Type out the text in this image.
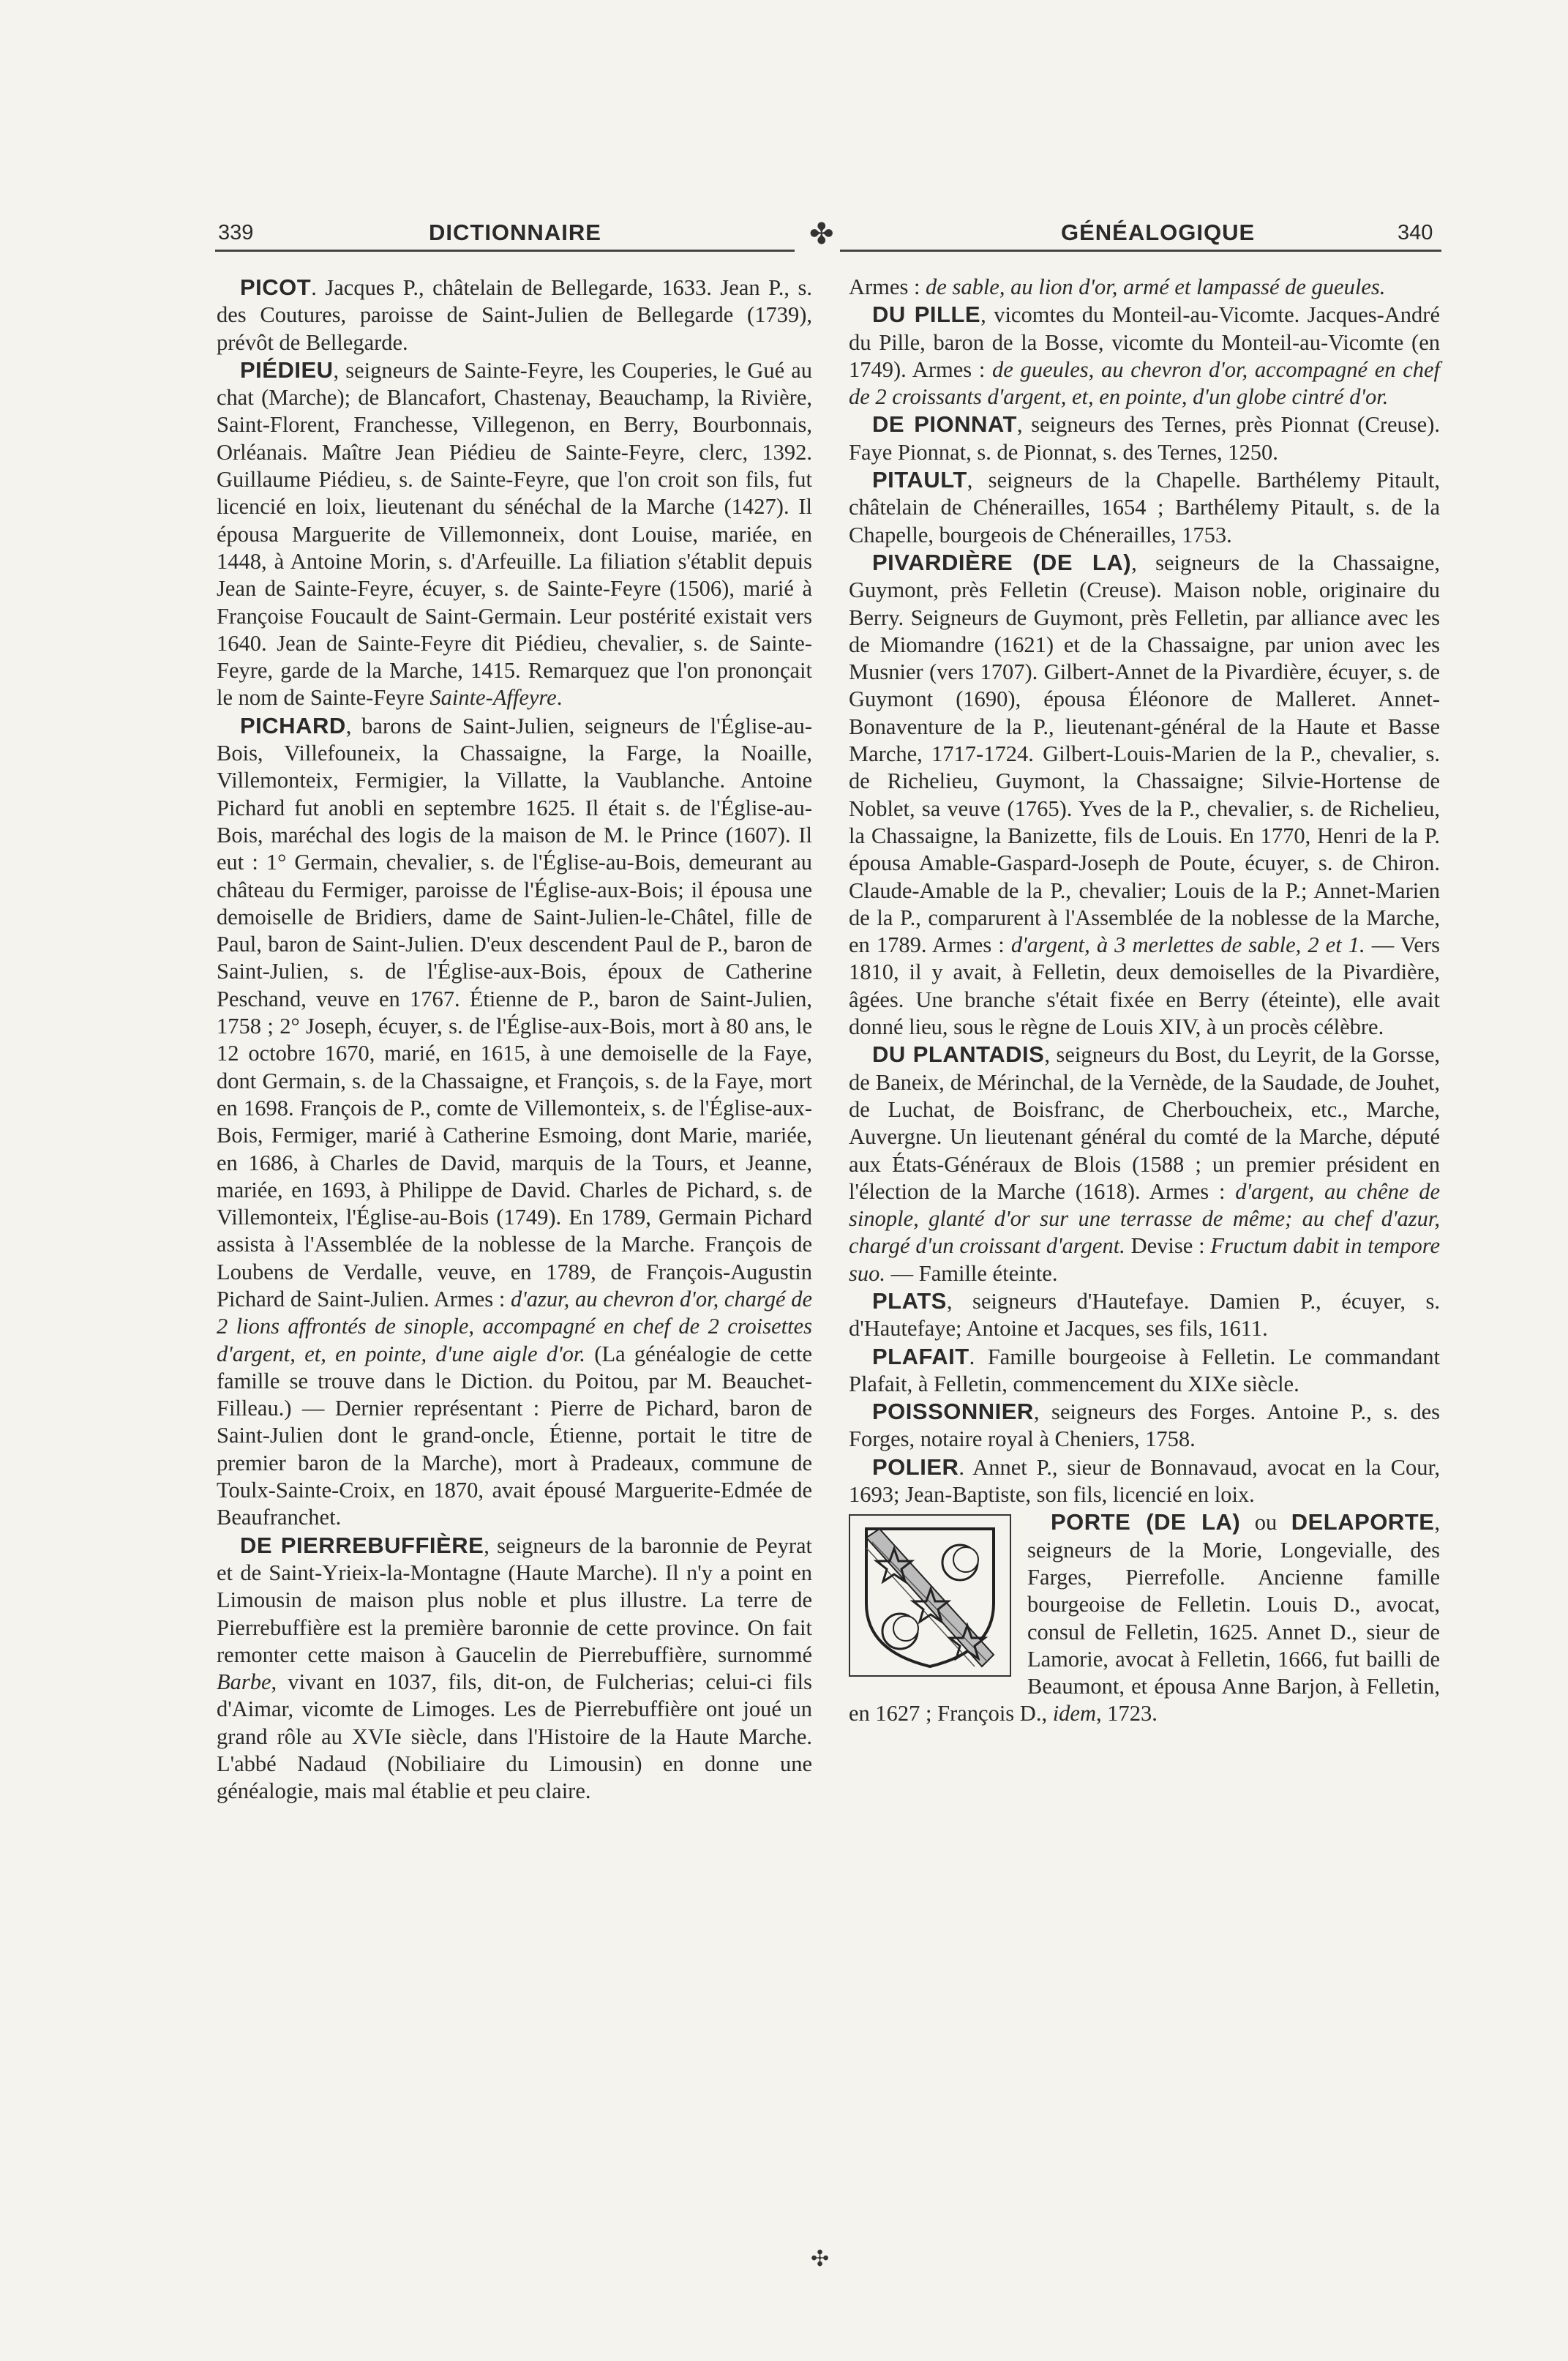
339	DICTIONNAIRE	GÉNÉALOGIQUE	340
✤

PICOT. Jacques P., châtelain de Bellegarde, 1633. Jean P., s. des Coutures, paroisse de Saint-Julien de Bellegarde (1739), prévôt de Bellegarde.

PIÉDIEU, seigneurs de Sainte-Feyre, les Couperies, le Gué au chat (Marche); de Blancafort, Chastenay, Beauchamp, la Rivière, Saint-Florent, Franchesse, Villegenon, en Berry, Bourbonnais, Orléanais. Maître Jean Piédieu de Sainte-Feyre, clerc, 1392. Guillaume Piédieu, s. de Sainte-Feyre, que l'on croit son fils, fut licencié en loix, lieutenant du sénéchal de la Marche (1427). Il épousa Marguerite de Villemonneix, dont Louise, mariée, en 1448, à Antoine Morin, s. d'Arfeuille. La filiation s'établit depuis Jean de Sainte-Feyre, écuyer, s. de Sainte-Feyre (1506), marié à Françoise Foucault de Saint-Germain. Leur postérité existait vers 1640. Jean de Sainte-Feyre dit Piédieu, chevalier, s. de Sainte-Feyre, garde de la Marche, 1415. Remarquez que l'on prononçait le nom de Sainte-Feyre Sainte-Affeyre.

PICHARD, barons de Saint-Julien, seigneurs de l'Église-au-Bois, Villefouneix, la Chassaigne, la Farge, la Noaille, Villemonteix, Fermigier, la Villatte, la Vaublanche. Antoine Pichard fut anobli en septembre 1625. Il était s. de l'Église-au-Bois, maréchal des logis de la maison de M. le Prince (1607). Il eut : 1° Germain, chevalier, s. de l'Église-au-Bois, demeurant au château du Fermiger, paroisse de l'Église-aux-Bois; il épousa une demoiselle de Bridiers, dame de Saint-Julien-le-Châtel, fille de Paul, baron de Saint-Julien. D'eux descendent Paul de P., baron de Saint-Julien, s. de l'Église-aux-Bois, époux de Catherine Peschand, veuve en 1767. Étienne de P., baron de Saint-Julien, 1758 ; 2° Joseph, écuyer, s. de l'Église-aux-Bois, mort à 80 ans, le 12 octobre 1670, marié, en 1615, à une demoiselle de la Faye, dont Germain, s. de la Chassaigne, et François, s. de la Faye, mort en 1698. François de P., comte de Villemonteix, s. de l'Église-aux-Bois, Fermiger, marié à Catherine Esmoing, dont Marie, mariée, en 1686, à Charles de David, marquis de la Tours, et Jeanne, mariée, en 1693, à Philippe de David. Charles de Pichard, s. de Villemonteix, l'Église-au-Bois (1749). En 1789, Germain Pichard assista à l'Assemblée de la noblesse de la Marche. François de Loubens de Verdalle, veuve, en 1789, de François-Augustin Pichard de Saint-Julien. Armes : d'azur, au chevron d'or, chargé de 2 lions affrontés de sinople, accompagné en chef de 2 croisettes d'argent, et, en pointe, d'une aigle d'or. (La généalogie de cette famille se trouve dans le Diction. du Poitou, par M. Beauchet-Filleau.) — Dernier représentant : Pierre de Pichard, baron de Saint-Julien dont le grand-oncle, Étienne, portait le titre de premier baron de la Marche), mort à Pradeaux, commune de Toulx-Sainte-Croix, en 1870, avait épousé Marguerite-Edmée de Beaufranchet.

DE PIERREBUFFIÈRE, seigneurs de la baronnie de Peyrat et de Saint-Yrieix-la-Montagne (Haute Marche). Il n'y a point en Limousin de maison plus noble et plus illustre. La terre de Pierrebuffière est la première baronnie de cette province. On fait remonter cette maison à Gaucelin de Pierrebuffière, surnommé Barbe, vivant en 1037, fils, dit-on, de Fulcherias; celui-ci fils d'Aimar, vicomte de Limoges. Les de Pierrebuffière ont joué un grand rôle au XVIe siècle, dans l'Histoire de la Haute Marche. L'abbé Nadaud (Nobiliaire du Limousin) en donne une généalogie, mais mal établie et peu claire.

Armes : de sable, au lion d'or, armé et lampassé de gueules.

DU PILLE, vicomtes du Monteil-au-Vicomte. Jacques-André du Pille, baron de la Bosse, vicomte du Monteil-au-Vicomte (en 1749). Armes : de gueules, au chevron d'or, accompagné en chef de 2 croissants d'argent, et, en pointe, d'un globe cintré d'or.

DE PIONNAT, seigneurs des Ternes, près Pionnat (Creuse). Faye Pionnat, s. de Pionnat, s. des Ternes, 1250.

PITAULT, seigneurs de la Chapelle. Barthélemy Pitault, châtelain de Chénerailles, 1654 ; Barthélemy Pitault, s. de la Chapelle, bourgeois de Chénerailles, 1753.

PIVARDIÈRE (DE LA), seigneurs de la Chassaigne, Guymont, près Felletin (Creuse). Maison noble, originaire du Berry. Seigneurs de Guymont, près Felletin, par alliance avec les de Miomandre (1621) et de la Chassaigne, par union avec les Musnier (vers 1707). Gilbert-Annet de la Pivardière, écuyer, s. de Guymont (1690), épousa Éléonore de Malleret. Annet-Bonaventure de la P., lieutenant-général de la Haute et Basse Marche, 1717-1724. Gilbert-Louis-Marien de la P., chevalier, s. de Richelieu, Guymont, la Chassaigne; Silvie-Hortense de Noblet, sa veuve (1765). Yves de la P., chevalier, s. de Richelieu, la Chassaigne, la Banizette, fils de Louis. En 1770, Henri de la P. épousa Amable-Gaspard-Joseph de Poute, écuyer, s. de Chiron. Claude-Amable de la P., chevalier; Louis de la P.; Annet-Marien de la P., comparurent à l'Assemblée de la noblesse de la Marche, en 1789. Armes : d'argent, à 3 merlettes de sable, 2 et 1. — Vers 1810, il y avait, à Felletin, deux demoiselles de la Pivardière, âgées. Une branche s'était fixée en Berry (éteinte), elle avait donné lieu, sous le règne de Louis XIV, à un procès célèbre.

DU PLANTADIS, seigneurs du Bost, du Leyrit, de la Gorsse, de Baneix, de Mérinchal, de la Vernède, de la Saudade, de Jouhet, de Luchat, de Boisfranc, de Cherboucheix, etc., Marche, Auvergne. Un lieutenant général du comté de la Marche, député aux États-Généraux de Blois (1588 ; un premier président en l'élection de la Marche (1618). Armes : d'argent, au chêne de sinople, glanté d'or sur une terrasse de même; au chef d'azur, chargé d'un croissant d'argent. Devise : Fructum dabit in tempore suo. — Famille éteinte.

PLATS, seigneurs d'Hautefaye. Damien P., écuyer, s. d'Hautefaye; Antoine et Jacques, ses fils, 1611.

PLAFAIT. Famille bourgeoise à Felletin. Le commandant Plafait, à Felletin, commencement du XIXe siècle.

POISSONNIER, seigneurs des Forges. Antoine P., s. des Forges, notaire royal à Cheniers, 1758.

POLIER. Annet P., sieur de Bonnavaud, avocat en la Cour, 1693; Jean-Baptiste, son fils, licencié en loix.

PORTE (DE LA) ou DELAPORTE, seigneurs de la Morie, Longevialle, des Farges, Pierrefolle. Ancienne famille bourgeoise de Felletin. Louis D., avocat, consul de Felletin, 1625. Annet D., sieur de Lamorie, avocat à Felletin, 1666, fut bailli de Beaumont, et épousa Anne Barjon, à Felletin, en 1627 ; François D., idem, 1723.

✣
